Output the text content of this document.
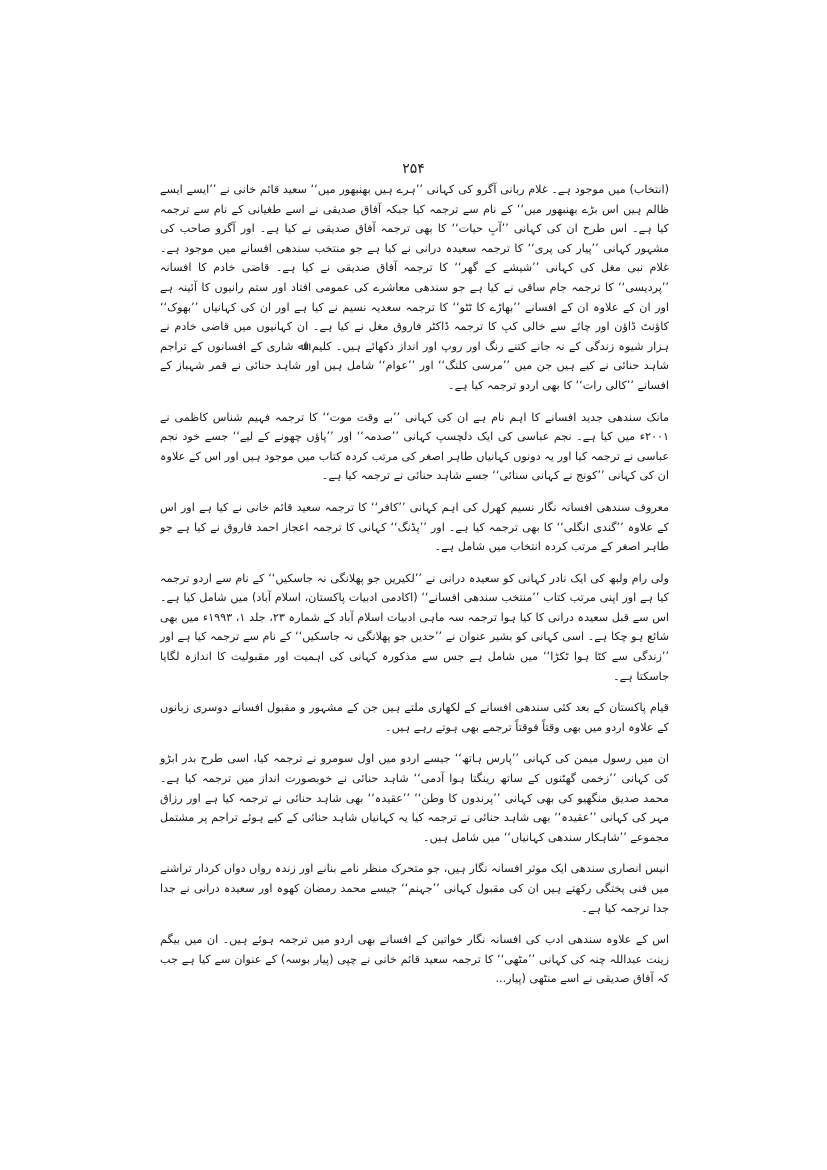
۲۵۴

(انتخاب) میں موجود ہے۔ غلام ربانی آگرو کی کہانی ’’ہرے ہیں بھنبھور میں‘‘ سعید قائم خانی نے ’’ایسے ایسے ظالم ہیں اس بڑے بھنبھور میں‘‘ کے نام سے ترجمہ کیا جبکہ آفاق صدیقی نے اسے طغیانی کے نام سے ترجمہ کیا ہے۔ اس طرح ان کی کہانی ’’آبِ حیات‘‘ کا بھی ترجمہ آفاق صدیقی نے کیا ہے۔ اور آگرو صاحب کی مشہور کہانی ’’پیار کی پری‘‘ کا ترجمہ سعیدہ درانی نے کیا ہے جو منتخب سندھی افسانے میں موجود ہے۔ غلام نبی مغل کی کہانی ’’شیشے کے گھر‘‘ کا ترجمہ آفاق صدیقی نے کیا ہے۔ قاضی خادم کا افسانہ ’’پردیسی‘‘ کا ترجمہ جام ساقی نے کیا ہے جو سندھی معاشرے کی عمومی افتاد اور ستم رانیوں کا آئینہ ہے اور ان کے علاوہ ان کے افسانے ’’بھاڑے کا ٹٹو‘‘ کا ترجمہ سعدیہ نسیم نے کیا ہے اور ان کی کہانیاں ’’بھوک‘‘ کاؤنٹ ڈاؤن اور چائے سے خالی کپ کا ترجمہ ڈاکٹر فاروق مغل نے کیا ہے۔ ان کہانیوں میں قاضی خادم نے ہزار شیوہ زندگی کے نہ جانے کتنے رنگ اور روپ اور انداز دکھائے ہیں۔ کلیم اﷲ شاری کے افسانوں کے تراجم شاہد حنائی نے کیے ہیں جن میں ’’مرسی کلنگ‘‘ اور ’’عوام‘‘ شامل ہیں اور شاہد حنائی نے قمر شہباز کے افسانے ’’کالی رات‘‘ کا بھی اردو ترجمہ کیا ہے۔

مانک سندھی جدید افسانے کا اہم نام ہے ان کی کہانی ’’بے وقت موت‘‘ کا ترجمہ فہیم شناس کاظمی نے ۲۰۰۱ء میں کیا ہے۔ نجم عباسی کی ایک دلچسپ کہانی ’’صدمہ‘‘ اور ’’پاؤں چھونے کے لیے‘‘ جسے خود نجم عباسی نے ترجمہ کیا اور یہ دونوں کہانیاں طاہر اصغر کی مرتب کردہ کتاب میں موجود ہیں اور اس کے علاوہ ان کی کہانی ’’کونج نے کہانی سنائی‘‘ جسے شاہد حنائی نے ترجمہ کیا ہے۔

معروف سندھی افسانہ نگار نسیم کھرل کی اہم کہانی ’’کافر‘‘ کا ترجمہ سعید قائم خانی نے کیا ہے اور اس کے علاوہ ’’گندی انگلی‘‘ کا بھی ترجمہ کیا ہے۔ اور ’’پڈنگ‘‘ کہانی کا ترجمہ اعجاز احمد فاروق نے کیا ہے جو طاہر اصغر کے مرتب کردہ انتخاب میں شامل ہے۔

ولی رام ولبھ کی ایک نادر کہانی کو سعیدہ درانی نے ’’لکیریں جو پھلانگی نہ جاسکیں‘‘ کے نام سے اردو ترجمہ کیا ہے اور اپنی مرتب کتاب ’’منتخب سندھی افسانے‘‘ (اکادمی ادبیات پاکستان، اسلام آباد) میں شامل کیا ہے۔ اس سے قبل سعیدہ درانی کا کیا ہوا ترجمہ سہ ماہی ادبیات اسلام آباد کے شمارہ ۲۳، جلد ۱، ۱۹۹۳ء میں بھی شائع ہو چکا ہے۔ اسی کہانی کو بشیر عنوان نے ’’حدیں جو پھلانگی نہ جاسکیں‘‘ کے نام سے ترجمہ کیا ہے اور ’’زندگی سے کٹا ہوا ٹکڑا‘‘ میں شامل ہے جس سے مذکورہ کہانی کی اہمیت اور مقبولیت کا اندازہ لگایا جاسکتا ہے۔

قیام پاکستان کے بعد کئی سندھی افسانے کے لکھاری ملتے ہیں جن کے مشہور و مقبول افسانے دوسری زبانوں کے علاوہ اردو میں بھی وقتاً فوقتاً ترجمے بھی ہوتے رہے ہیں۔

ان میں رسول میمن کی کہانی ’’پارس ہاتھ‘‘ جیسے اردو میں اول سومرو نے ترجمہ کیا، اسی طرح بدر ابڑو کی کہانی ’’زخمی گھٹنوں کے ساتھ رینگتا ہوا آدمی‘‘ شاہد حنائی نے خوبصورت انداز میں ترجمہ کیا ہے۔ محمد صدیق منگھیو کی بھی کہانی ’’پرندوں کا وطن‘‘ ’’عقیدہ‘‘ بھی شاہد حنائی نے ترجمہ کیا ہے اور رزاق مہر کی کہانی ’’عقیدہ‘‘ بھی شاہد حنائی نے ترجمہ کیا یہ کہانیاں شاہد حنائی کے کیے ہوئے تراجم پر مشتمل مجموعے ’’شاہکار سندھی کہانیاں‘‘ میں شامل ہیں۔

انیس انصاری سندھی ایک موثر افسانہ نگار ہیں، جو متحرک منظر نامے بنانے اور زندہ رواں دواں کردار تراشنے میں فنی پختگی رکھتے ہیں ان کی مقبول کہانی ’’جہنم‘‘ جیسے محمد رمضان کھوہ اور سعیدہ درانی نے جدا جدا ترجمہ کیا ہے۔

اس کے علاوہ سندھی ادب کی افسانہ نگار خواتین کے افسانے بھی اردو میں ترجمہ ہوئے ہیں۔ ان میں بیگم زینت عبداللہ چنہ کی کہانی ’’مٹھی‘‘ کا ترجمہ سعید قائم خانی نے چپی (پیار بوسہ) کے عنوان سے کیا ہے جب کہ آفاق صدیقی نے اسے منٹھی (پیار...
